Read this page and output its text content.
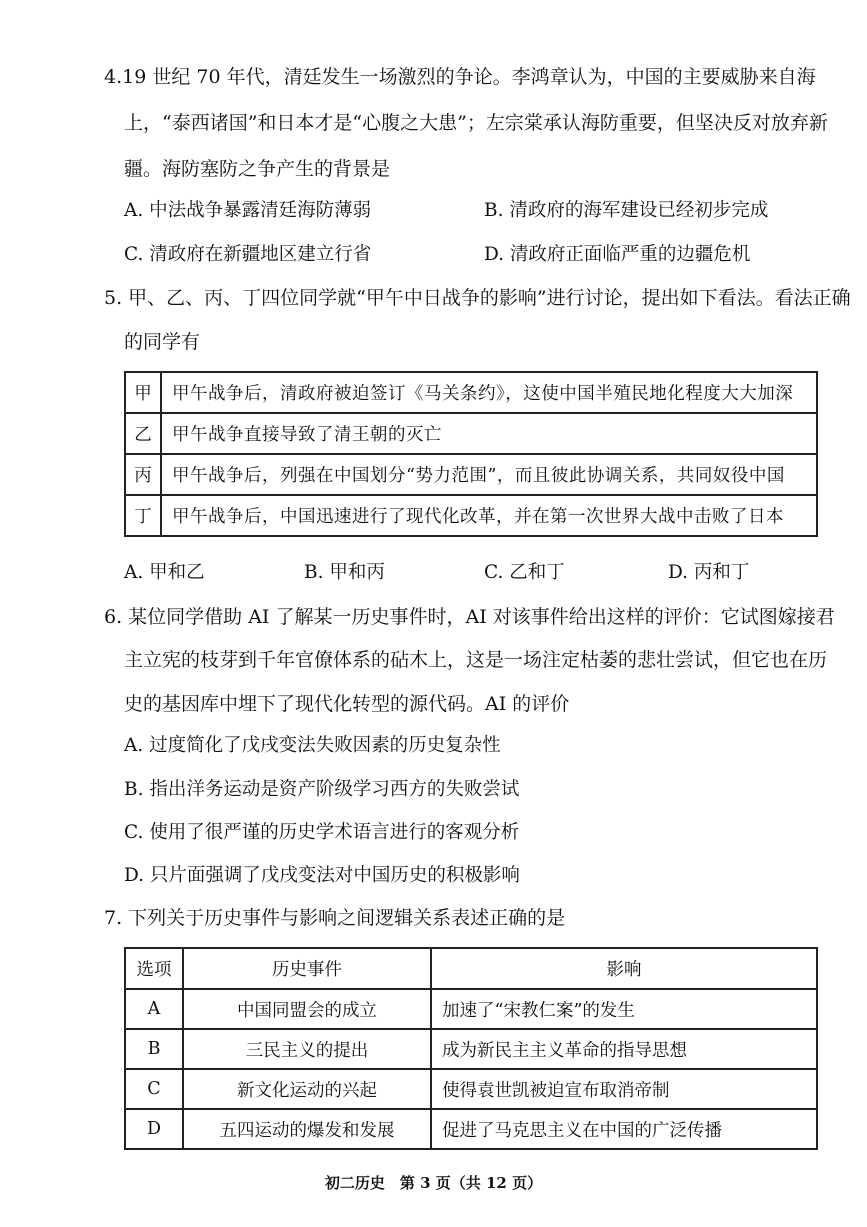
4.19 世纪 70 年代，清廷发生一场激烈的争论。李鸿章认为，中国的主要威胁来自海
上，“泰西诸国”和日本才是“心腹之大患”；左宗棠承认海防重要，但坚决反对放弃新
疆。海防塞防之争产生的背景是
A. 中法战争暴露清廷海防薄弱	B. 清政府的海军建设已经初步完成
C. 清政府在新疆地区建立行省	D. 清政府正面临严重的边疆危机
5. 甲、乙、丙、丁四位同学就“甲午中日战争的影响”进行讨论，提出如下看法。看法正确
的同学有
甲	甲午战争后，清政府被迫签订《马关条约》，这使中国半殖民地化程度大大加深
乙	甲午战争直接导致了清王朝的灭亡
丙	甲午战争后，列强在中国划分“势力范围”，而且彼此协调关系，共同奴役中国
丁	甲午战争后，中国迅速进行了现代化改革，并在第一次世界大战中击败了日本
A. 甲和乙	B. 甲和丙	C. 乙和丁	D. 丙和丁
6. 某位同学借助 AI 了解某一历史事件时，AI 对该事件给出这样的评价：它试图嫁接君
主立宪的枝芽到千年官僚体系的砧木上，这是一场注定枯萎的悲壮尝试，但它也在历
史的基因库中埋下了现代化转型的源代码。AI 的评价
A. 过度简化了戊戌变法失败因素的历史复杂性
B. 指出洋务运动是资产阶级学习西方的失败尝试
C. 使用了很严谨的历史学术语言进行的客观分析
D. 只片面强调了戊戌变法对中国历史的积极影响
7. 下列关于历史事件与影响之间逻辑关系表述正确的是
选项	历史事件	影响
A	中国同盟会的成立	加速了“宋教仁案”的发生
B	三民主义的提出	成为新民主主义革命的指导思想
C	新文化运动的兴起	使得袁世凯被迫宣布取消帝制
D	五四运动的爆发和发展	促进了马克思主义在中国的广泛传播
初二历史　第 3 页（共 12 页）
